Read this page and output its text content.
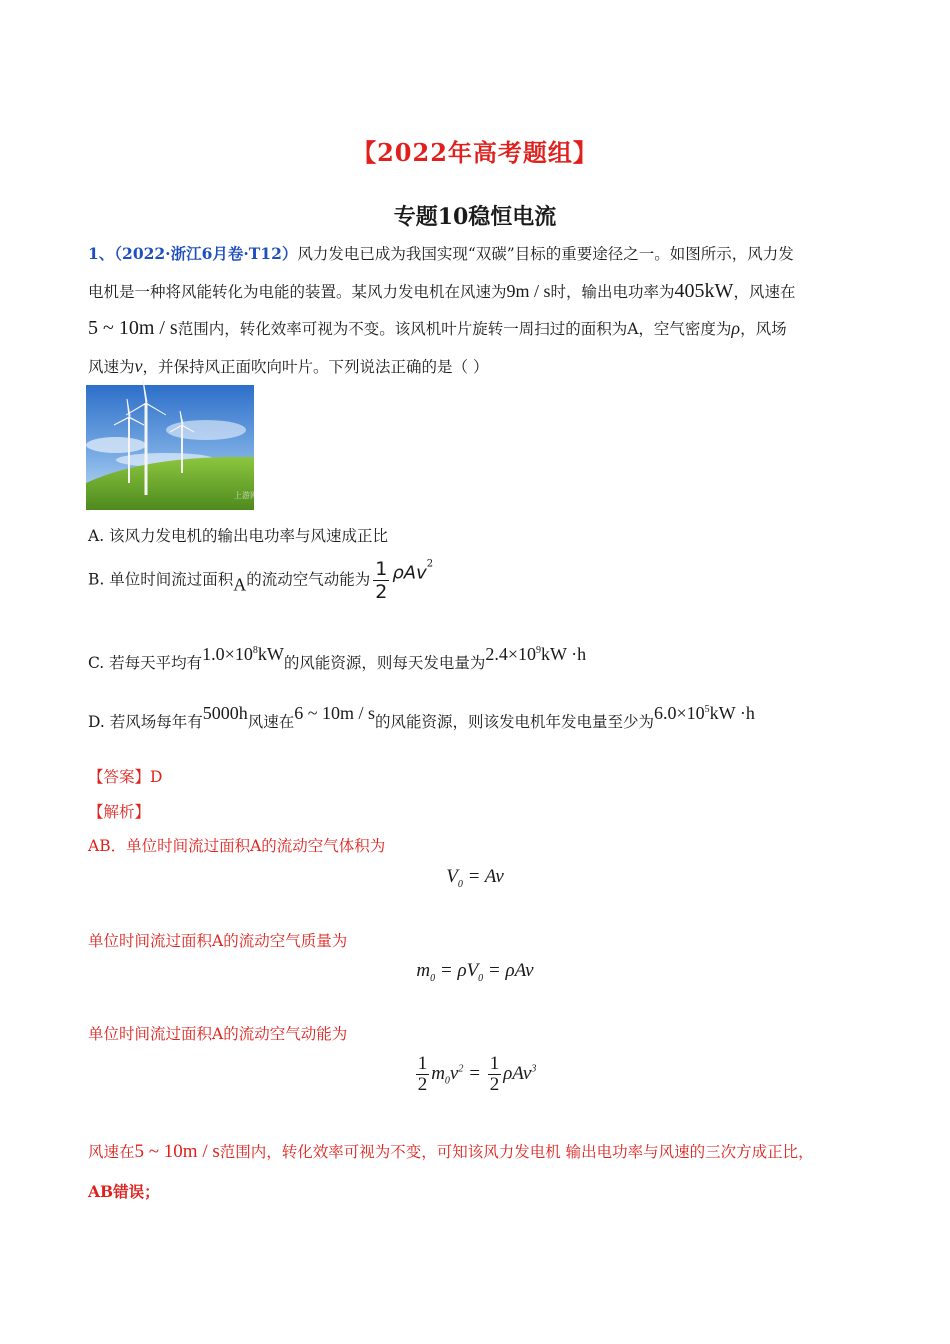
【2022年高考题组】
专题10稳恒电流
1、（2022·浙江6月卷·T12）风力发电已成为我国实现“双碳”目标的重要途径之一。如图所示，风力发
电机是一种将风能转化为电能的装置。某风力发电机在风速为9m / s时，输出电功率为405kW，风速在
5 ~ 10m / s范围内，转化效率可视为不变。该风机叶片旋转一周扫过的面积为A，空气密度为ρ，风场
风速为v，并保持风正面吹向叶片。下列说法正确的是（ ）
上游网
A. 该风力发电机的输出电功率与风速成正比
B. 单位时间流过面积A的流动空气动能为 $\frac{1}{2} \rho Av^2$
C. 若每天平均有$1.0\times 10^8kW$的风能资源，则每天发电量为$2.4\times 10^9kW \cdot h$
D. 若风场每年有5000h风速在6 ~ 10m / s的风能资源，则该发电机年发电量至少为$6.0\times 10^5kW \cdot h$
【答案】D
【解析】
AB．单位时间流过面积A的流动空气体积为
$V_0 = Av$
单位时间流过面积A的流动空气质量为
$m_0 = \rho V_0 = \rho Av$
单位时间流过面积A的流动空气动能为
$\frac{1}{2} m_0v^2 = \frac{1}{2} \rho Av^3$
风速在5 ~ 10m / s范围内，转化效率可视为不变，可知该风力发电机 输出电功率与风速的三次方成正比，
AB错误；
